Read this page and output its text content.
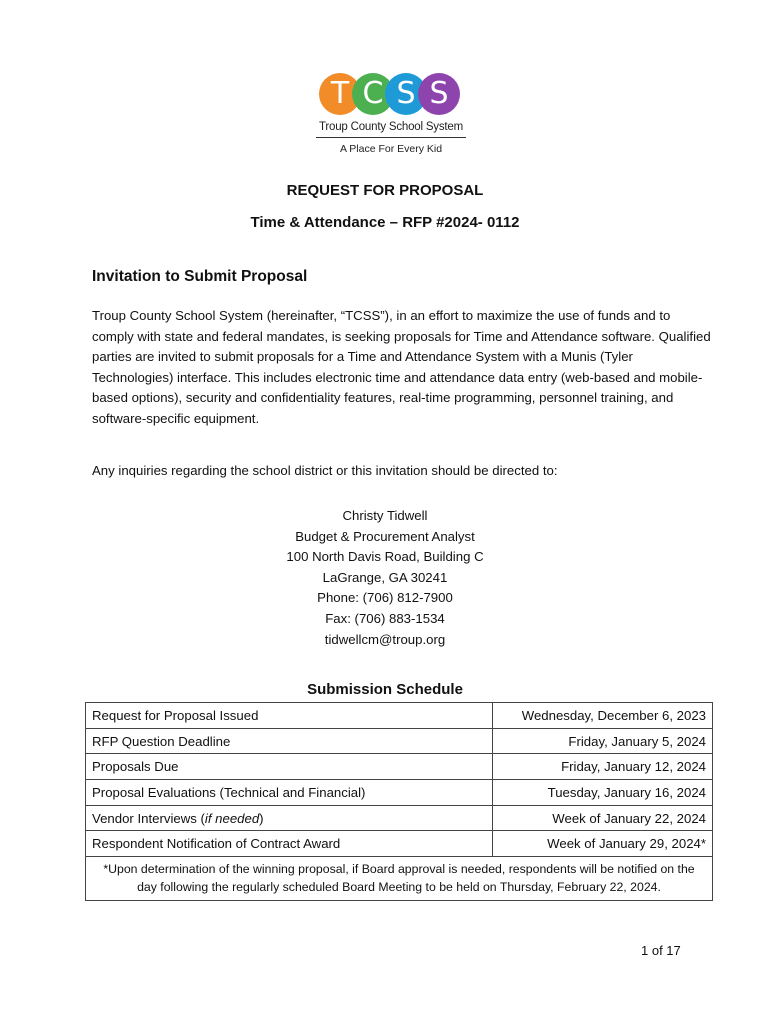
T C S S
Troup County School System
A Place For Every Kid
REQUEST FOR PROPOSAL
Time & Attendance – RFP #2024- 0112
Invitation to Submit Proposal
Troup County School System (hereinafter, “TCSS”), in an effort to maximize the use of funds and to comply with state and federal mandates, is seeking proposals for Time and Attendance software. Qualified parties are invited to submit proposals for a Time and Attendance System with a Munis (Tyler Technologies) interface. This includes electronic time and attendance data entry (web-based and mobile-based options), security and confidentiality features, real-time programming, personnel training, and software-specific equipment.
Any inquiries regarding the school district or this invitation should be directed to:
Christy Tidwell
Budget & Procurement Analyst
100 North Davis Road, Building C
LaGrange, GA 30241
Phone: (706) 812-7900
Fax: (706) 883-1534
tidwellcm@troup.org
Submission Schedule
Request for Proposal Issued	Wednesday, December 6, 2023
RFP Question Deadline	Friday, January 5, 2024
Proposals Due	Friday, January 12, 2024
Proposal Evaluations (Technical and Financial)	Tuesday, January 16, 2024
Vendor Interviews (if needed)	Week of January 22, 2024
Respondent Notification of Contract Award	Week of January 29, 2024*
*Upon determination of the winning proposal, if Board approval is needed, respondents will be notified on the day following the regularly scheduled Board Meeting to be held on Thursday, February 22, 2024.	
1 of 17
